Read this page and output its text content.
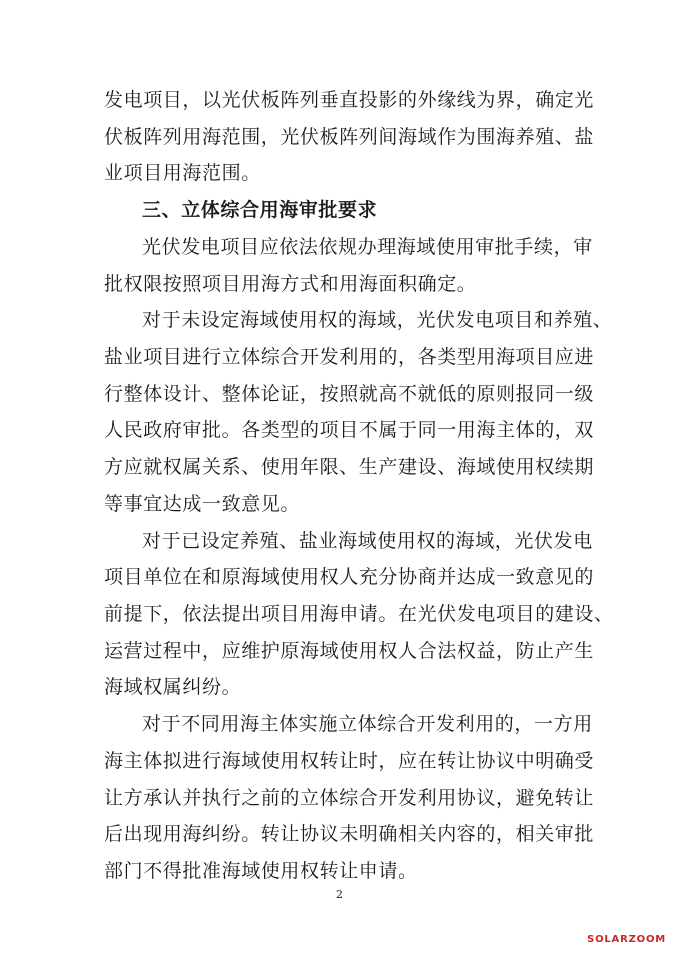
发电项目，以光伏板阵列垂直投影的外缘线为界，确定光
伏板阵列用海范围，光伏板阵列间海域作为围海养殖、盐
业项目用海范围。
三、立体综合用海审批要求
光伏发电项目应依法依规办理海域使用审批手续，审
批权限按照项目用海方式和用海面积确定。
对于未设定海域使用权的海域，光伏发电项目和养殖、
盐业项目进行立体综合开发利用的，各类型用海项目应进
行整体设计、整体论证，按照就高不就低的原则报同一级
人民政府审批。各类型的项目不属于同一用海主体的，双
方应就权属关系、使用年限、生产建设、海域使用权续期
等事宜达成一致意见。
对于已设定养殖、盐业海域使用权的海域，光伏发电
项目单位在和原海域使用权人充分协商并达成一致意见的
前提下，依法提出项目用海申请。在光伏发电项目的建设、
运营过程中，应维护原海域使用权人合法权益，防止产生
海域权属纠纷。
对于不同用海主体实施立体综合开发利用的，一方用
海主体拟进行海域使用权转让时，应在转让协议中明确受
让方承认并执行之前的立体综合开发利用协议，避免转让
后出现用海纠纷。转让协议未明确相关内容的，相关审批
部门不得批准海域使用权转让申请。
2
SOLARZOOM
